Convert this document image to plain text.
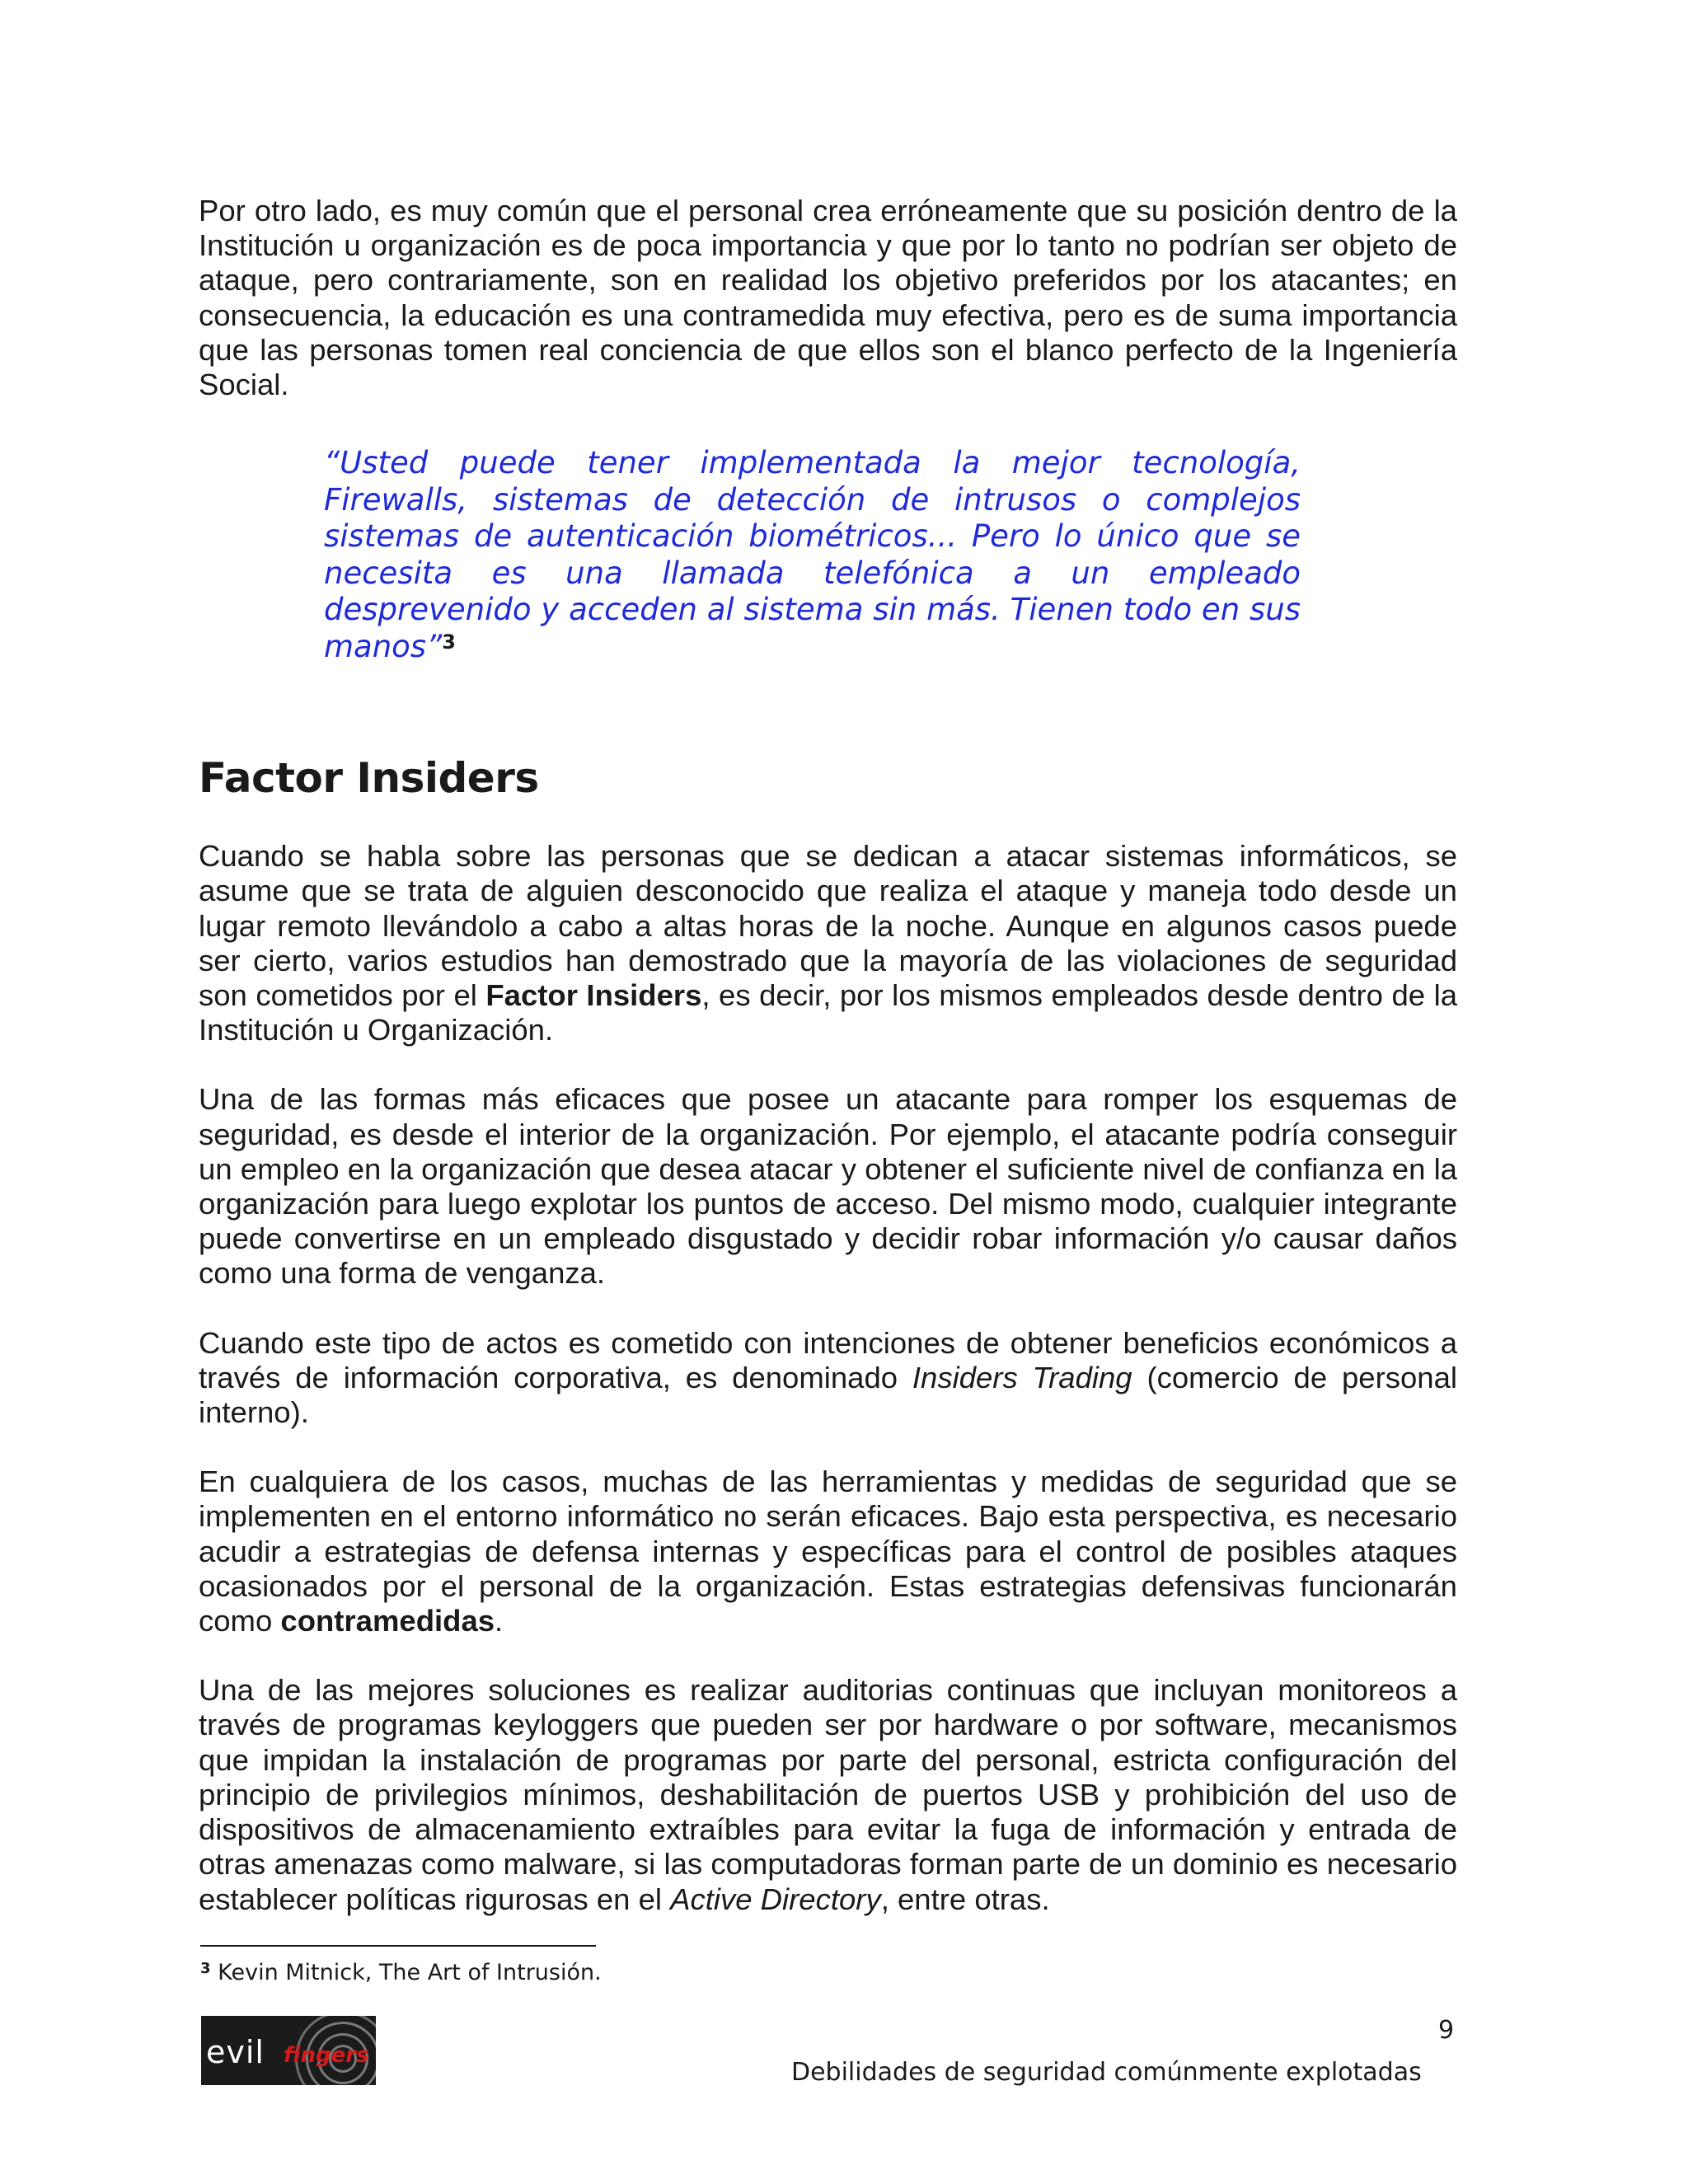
Por otro lado, es muy común que el personal crea erróneamente que su posición dentro de la Institución u organización es de poca importancia y que por lo tanto no podrían ser objeto de ataque, pero contrariamente, son en realidad los objetivo preferidos por los atacantes; en consecuencia, la educación es una contramedida muy efectiva, pero es de suma importancia que las personas tomen real conciencia de que ellos son el blanco perfecto de la Ingeniería Social.

“Usted puede tener implementada la mejor tecnología, Firewalls, sistemas de detección de intrusos o complejos sistemas de autenticación biométricos... Pero lo único que se necesita es una llamada telefónica a un empleado desprevenido y acceden al sistema sin más. Tienen todo en sus manos”$^3$
Factor Insiders

Cuando se habla sobre las personas que se dedican a atacar sistemas informáticos, se asume que se trata de alguien desconocido que realiza el ataque y maneja todo desde un lugar remoto llevándolo a cabo a altas horas de la noche. Aunque en algunos casos puede ser cierto, varios estudios han demostrado que la mayoría de las violaciones de seguridad son cometidos por el Factor Insiders, es decir, por los mismos empleados desde dentro de la Institución u Organización.

Una de las formas más eficaces que posee un atacante para romper los esquemas de seguridad, es desde el interior de la organización. Por ejemplo, el atacante podría conseguir un empleo en la organización que desea atacar y obtener el suficiente nivel de confianza en la organización para luego explotar los puntos de acceso. Del mismo modo, cualquier integrante puede convertirse en un empleado disgustado y decidir robar información y/o causar daños como una forma de venganza.

Cuando este tipo de actos es cometido con intenciones de obtener beneficios económicos a través de información corporativa, es denominado Insiders Trading (comercio de personal interno).

En cualquiera de los casos, muchas de las herramientas y medidas de seguridad que se implementen en el entorno informático no serán eficaces. Bajo esta perspectiva, es necesario acudir a estrategias de defensa internas y específicas para el control de posibles ataques ocasionados por el personal de la organización. Estas estrategias defensivas funcionarán como contramedidas.

Una de las mejores soluciones es realizar auditorias continuas que incluyan monitoreos a través de programas keyloggers que pueden ser por hardware o por software, mecanismos que impidan la instalación de programas por parte del personal, estricta configuración del principio de privilegios mínimos, deshabilitación de puertos USB y prohibición del uso de dispositivos de almacenamiento extraíbles para evitar la fuga de información y entrada de otras amenazas como malware, si las computadoras forman parte de un dominio es necesario establecer políticas rigurosas en el Active Directory, entre otras.

$^3$ Kevin Mitnick, The Art of Intrusión.
evil fingers
9
Debilidades de seguridad comúnmente explotadas
